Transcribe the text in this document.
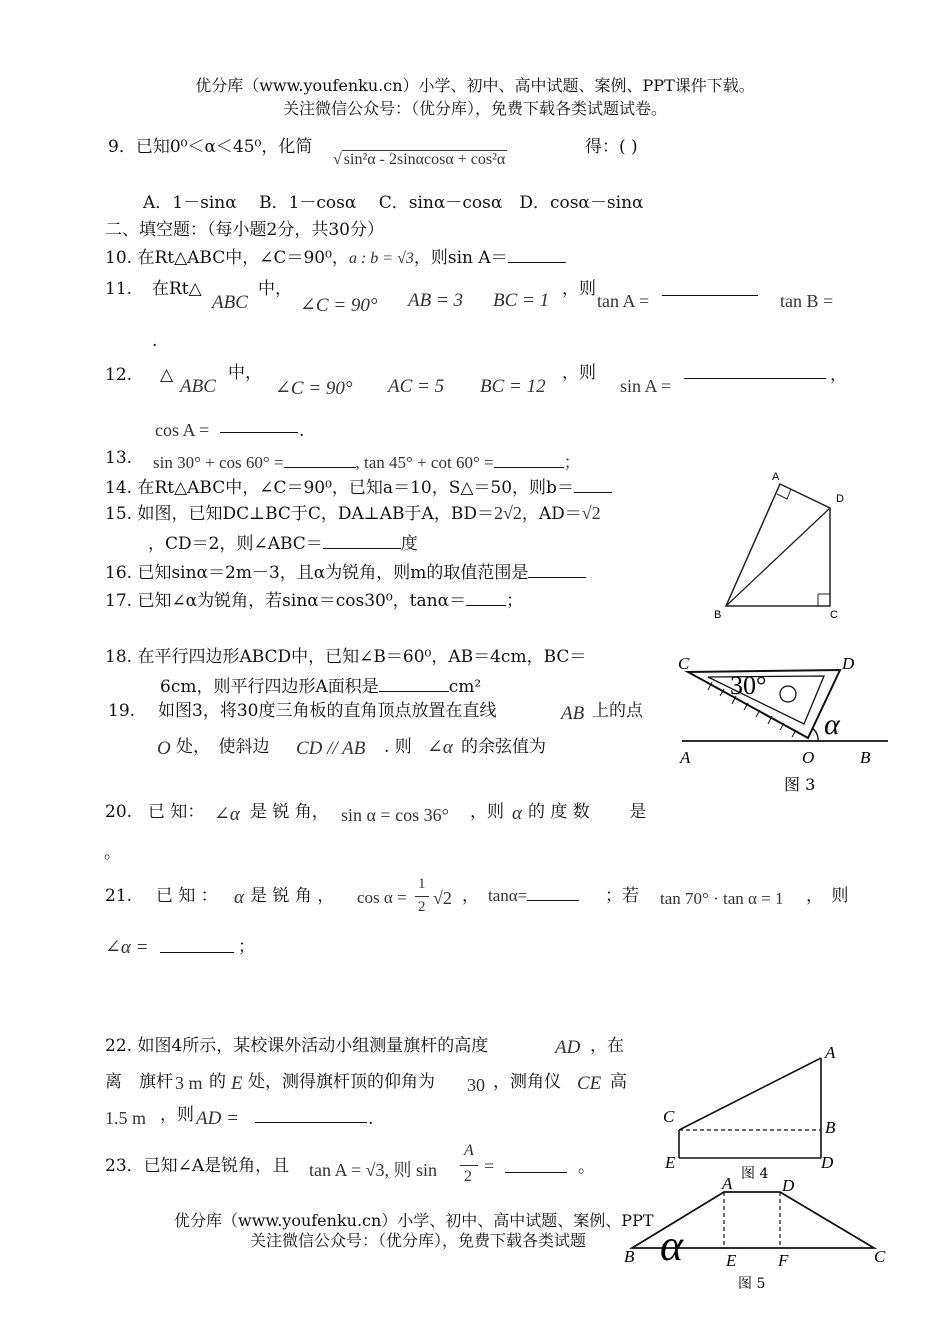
优分库（www.youfenku.cn）小学、初中、高中试题、案例、PPT课件下载。
关注微信公众号：（优分库），免费下载各类试题试卷。
9．已知0⁰＜α＜45⁰，化简
√ sin²α - 2sinαcosα + cos²α
得：( )
A．1－sinα　 B．1－cosα　 C．sinα－cosα　D．cosα－sinα
二、填空题：（每小题2分，共30分）
10. 在Rt△ABC中，∠C＝90⁰，a : b = √3，则sin A＝
11. 在Rt△
ABC
中，
∠C = 90° AB = 3 BC = 1
，则
tan A =	tan B =
.
12. △
ABC
中，
∠C = 90° AC = 5 BC = 12
，则
sin A =
，
cos A =	.
13. sin 30° + cos 60° =	, tan 45° + cot 60° =	；
14. 在Rt△ABC中，∠C＝90⁰，已知a＝10，S△＝50，则b＝
15. 如图，已知DC⊥BC于C，DA⊥AB于A，BD＝2√2，AD＝√2
，CD＝2，则∠ABC＝	度
16. 已知sinα＝2m－3，且α为锐角，则m的取值范围是
17. 已知∠α为锐角，若sinα＝cos30⁰，tanα＝ ；
A
B	C
D
18. 在平行四边形ABCD中，已知∠B＝60⁰，AB＝4cm，BC＝
6cm，则平行四边形A面积是	cm²
19. 如图3，将30度三角板的直角顶点放置在直线	AB 上的点
O 处，　使斜边 CD // AB . 则 ∠α 的余弦值为
30°
α
C	D
A	O	B
图 3
20. 已 知： ∠α 是 锐 角， sin α = cos 36° ，则 α 的 度 数　　 是
。
21. 已 知 ： α 是 锐 角 ， cos α =
1
2 √2 ， tanα=	；若 tan 70° · tan α = 1 ，　则
∠α =	；
22. 如图4所示，某校课外活动小组测量旗杆的高度	AD ，在
离　旗杆 3 m 的 E 处，测得旗杆顶的仰角为 30 ，测角仪 CE 高
1.5 m ，则 AD =	.
A
C
B
E	D
图 4
23．已知∠A是锐角，且 tan A = √3, 则 sin
A
2
=	。
优分库（www.youfenku.cn）小学、初中、高中试题、案例、PPT
关注微信公众号：（优分库），免费下载各类试题 α
A	D
B	E F	C
图 5
